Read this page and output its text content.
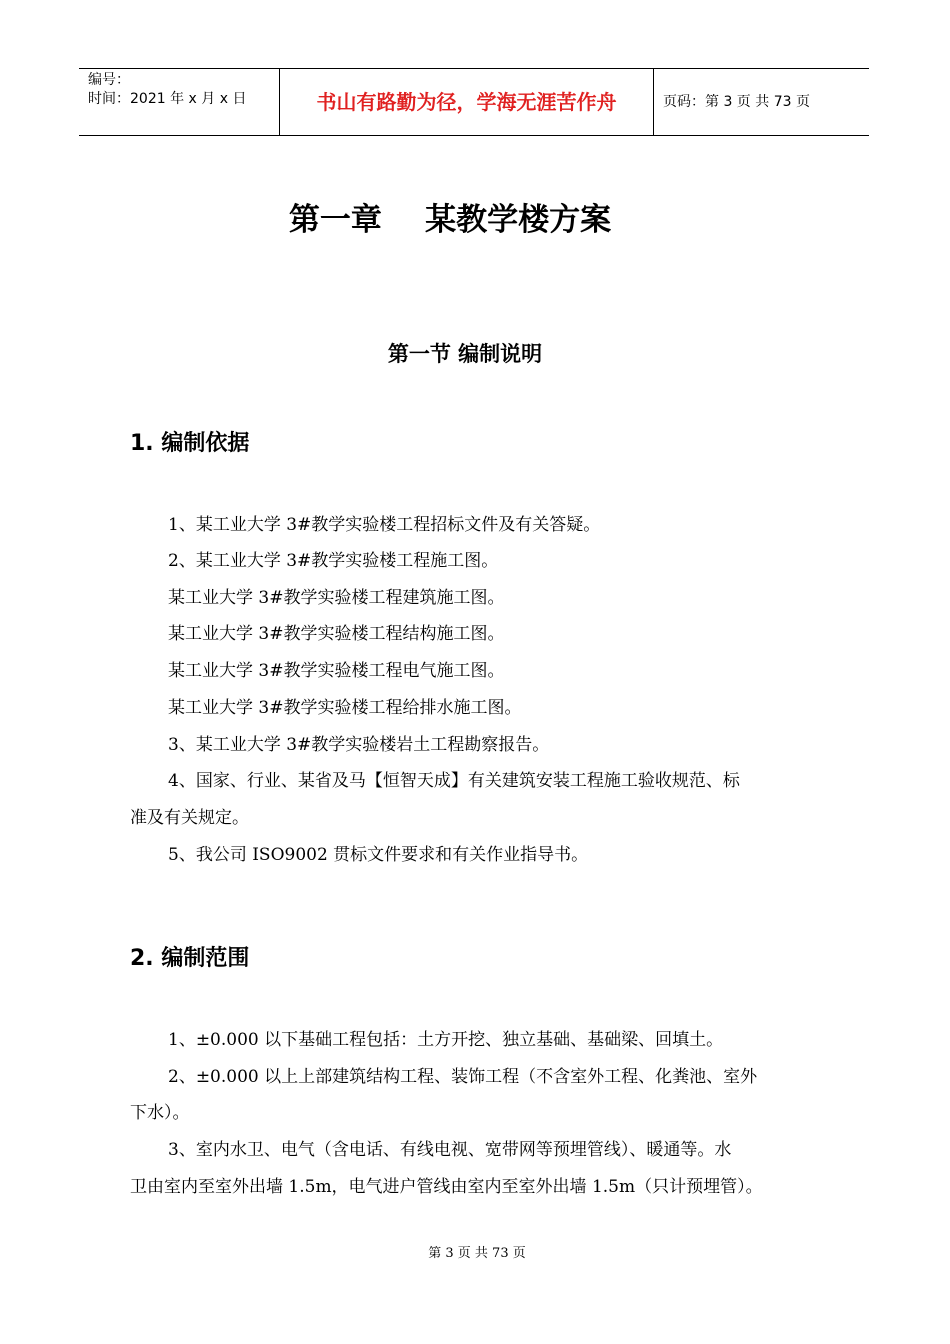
编号：
时间：2021 年 x 月 x 日	书山有路勤为径，学海无涯苦作舟	页码：第 3 页 共 73 页
第一章    某教学楼方案
第一节 编制说明
1. 编制依据
1、某工业大学 3#教学实验楼工程招标文件及有关答疑。
2、某工业大学 3#教学实验楼工程施工图。
某工业大学 3#教学实验楼工程建筑施工图。
某工业大学 3#教学实验楼工程结构施工图。
某工业大学 3#教学实验楼工程电气施工图。
某工业大学 3#教学实验楼工程给排水施工图。
3、某工业大学 3#教学实验楼岩土工程勘察报告。
4、国家、行业、某省及马【恒智天成】有关建筑安装工程施工验收规范、标
准及有关规定。
5、我公司 ISO9002 贯标文件要求和有关作业指导书。
2. 编制范围
1、±0.000 以下基础工程包括：土方开挖、独立基础、基础梁、回填土。
2、±0.000 以上上部建筑结构工程、装饰工程（不含室外工程、化粪池、室外
下水）。
3、室内水卫、电气（含电话、有线电视、宽带网等预埋管线）、暖通等。水
卫由室内至室外出墙 1.5m，电气进户管线由室内至室外出墙 1.5m（只计预埋管）。
第 3 页 共 73 页
